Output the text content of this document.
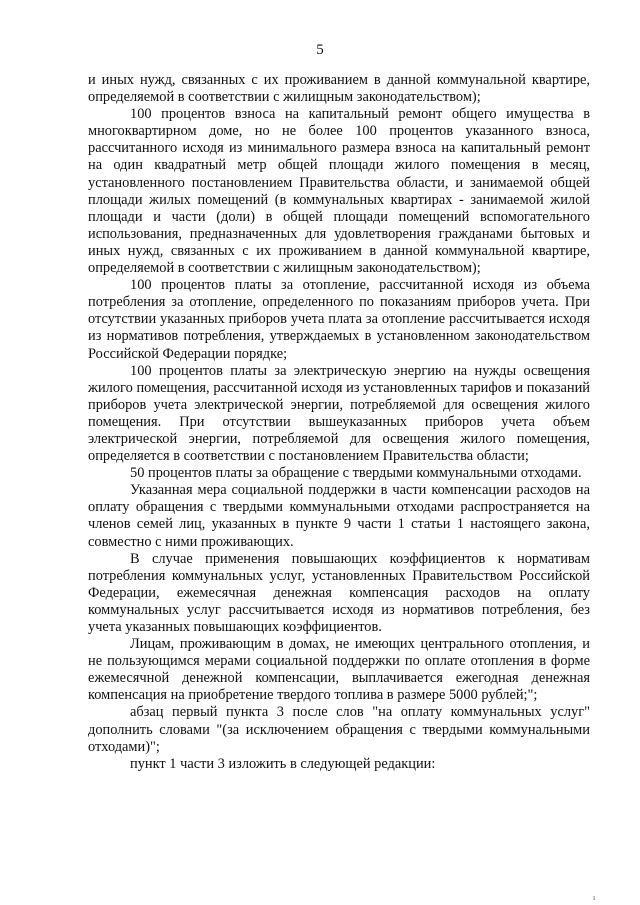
5

и иных нужд, связанных с их проживанием в данной коммунальной квартире, определяемой в соответствии с жилищным законодательством);

100 процентов взноса на капитальный ремонт общего имущества в многоквартирном доме, но не более 100 процентов указанного взноса, рассчитанного исходя из минимального размера взноса на капитальный ремонт на один квадратный метр общей площади жилого помещения в месяц, установленного постановлением Правительства области, и занимаемой общей площади жилых помещений (в коммунальных квартирах - занимаемой жилой площади и части (доли) в общей площади помещений вспомогательного использования, предназначенных для удовлетворения гражданами бытовых и иных нужд, связанных с их проживанием в данной коммунальной квартире, определяемой в соответствии с жилищным законодательством);

100 процентов платы за отопление, рассчитанной исходя из объема потребления за отопление, определенного по показаниям приборов учета. При отсутствии указанных приборов учета плата за отопление рассчитывается исходя из нормативов потребления, утверждаемых в установленном законодательством Российской Федерации порядке;

100 процентов платы за электрическую энергию на нужды освещения жилого помещения, рассчитанной исходя из установленных тарифов и показаний приборов учета электрической энергии, потребляемой для освещения жилого помещения. При отсутствии вышеуказанных приборов учета объем электрической энергии, потребляемой для освещения жилого помещения, определяется в соответствии с постановлением Правительства области;

50 процентов платы за обращение с твердыми коммунальными отходами.

Указанная мера социальной поддержки в части компенсации расходов на оплату обращения с твердыми коммунальными отходами распространяется на членов семей лиц, указанных в пункте 9 части 1 статьи 1 настоящего закона, совместно с ними проживающих.

В случае применения повышающих коэффициентов к нормативам потребления коммунальных услуг, установленных Правительством Российской Федерации, ежемесячная денежная компенсация расходов на оплату коммунальных услуг рассчитывается исходя из нормативов потребления, без учета указанных повышающих коэффициентов.

Лицам, проживающим в домах, не имеющих центрального отопления, и не пользующимся мерами социальной поддержки по оплате отопления в форме ежемесячной денежной компенсации, выплачивается ежегодная денежная компенсация на приобретение твердого топлива в размере 5000 рублей;";

абзац первый пункта 3 после слов "на оплату коммунальных услуг" дополнить словами "(за исключением обращения с твердыми коммунальными отходами)";

пункт 1 части 3 изложить в следующей редакции:

ı
